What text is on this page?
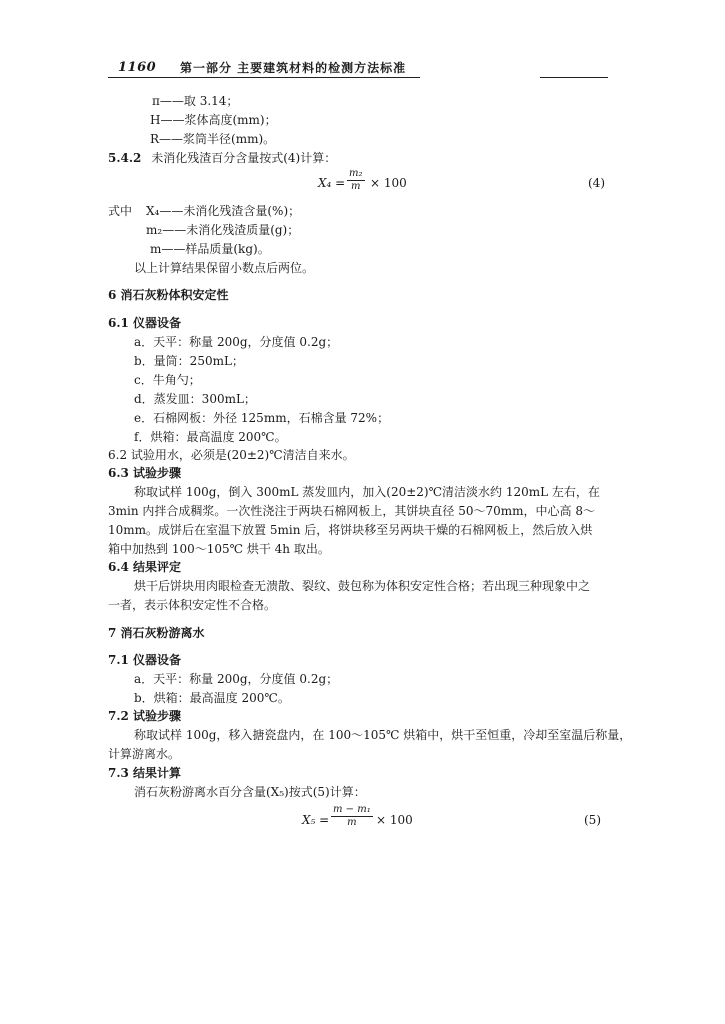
1160 第一部分 主要建筑材料的检测方法标准
π——取 3.14；
H——浆体高度(mm)；
R——浆筒半径(mm)。
5.4.2 未消化残渣百分含量按式(4)计算：
$X_4 = \frac{\text{m₂}}{m} \times 100$	(4)
式中 X₄——未消化残渣含量(%)；
m₂——未消化残渣质量(g)；
m——样品质量(kg)。
以上计算结果保留小数点后两位。
6 消石灰粉体积安定性
6.1 仪器设备
a．天平：称量 200g，分度值 0.2g；
b．量筒：250mL；
c．牛角勺；
d．蒸发皿：300mL；
e．石棉网板：外径 125mm，石棉含量 72%；
f．烘箱：最高温度 200℃。
6.2 试验用水，必须是(20±2)℃清洁自来水。
6.3 试验步骤
称取试样 100g，倒入 300mL 蒸发皿内，加入(20±2)℃清洁淡水约 120mL 左右，在
3min 内拌合成稠浆。一次性浇注于两块石棉网板上，其饼块直径 50～70mm，中心高 8～
10mm。成饼后在室温下放置 5min 后，将饼块移至另两块干燥的石棉网板上，然后放入烘
箱中加热到 100～105℃ 烘干 4h 取出。
6.4 结果评定
烘干后饼块用肉眼检查无溃散、裂纹、鼓包称为体积安定性合格；若出现三种现象中之
一者，表示体积安定性不合格。
7 消石灰粉游离水
7.1 仪器设备
a．天平：称量 200g，分度值 0.2g；
b．烘箱：最高温度 200℃。
7.2 试验步骤
称取试样 100g，移入搪瓷盘内，在 100～105℃ 烘箱中，烘干至恒重，冷却至室温后称量，
计算游离水。
7.3 结果计算
消石灰粉游离水百分含量(X₅)按式(5)计算：
$X_5 = \frac{\text{m − m₁}}{m} \times 100$	(5)
